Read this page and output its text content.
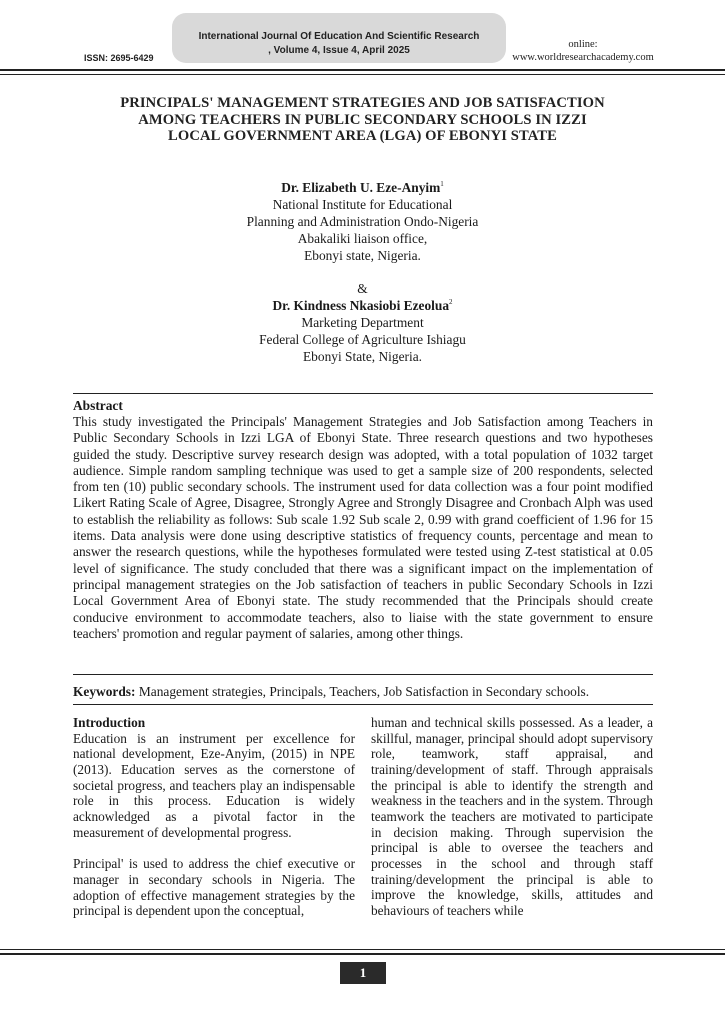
International Journal Of Education And Scientific Research
, Volume 4, Issue 4, April 2025
ISSN: 2695-6429
online:
www.worldresearchacademy.com
PRINCIPALS' MANAGEMENT STRATEGIES AND JOB SATISFACTION
AMONG TEACHERS IN PUBLIC SECONDARY SCHOOLS IN IZZI
LOCAL GOVERNMENT AREA (LGA) OF EBONYI STATE
Dr. Elizabeth U. Eze-Anyim$^1$
National Institute for Educational
Planning and Administration Ondo-Nigeria
Abakaliki liaison office,
Ebonyi state, Nigeria.
&
Dr. Kindness Nkasiobi Ezeolua$^2$
Marketing Department
Federal College of Agriculture Ishiagu
Ebonyi State, Nigeria.
Abstract
This study investigated the Principals' Management Strategies and Job Satisfaction among Teachers in Public Secondary Schools in Izzi LGA of Ebonyi State. Three research questions and two hypotheses guided the study. Descriptive survey research design was adopted, with a total population of 1032 target audience. Simple random sampling technique was used to get a sample size of 200 respondents, selected from ten (10) public secondary schools. The instrument used for data collection was a four point modified Likert Rating Scale of Agree, Disagree, Strongly Agree and Strongly Disagree and Cronbach Alph was used to establish the reliability as follows: Sub scale 1.92 Sub scale 2, 0.99 with grand coefficient of 1.96 for 15 items. Data analysis were done using descriptive statistics of frequency counts, percentage and mean to answer the research questions, while the hypotheses formulated were tested using Z-test statistical at 0.05 level of significance. The study concluded that there was a significant impact on the implementation of principal management strategies on the Job satisfaction of teachers in public Secondary Schools in Izzi Local Government Area of Ebonyi state. The study recommended that the Principals should create conducive environment to accommodate teachers, also to liaise with the state government to ensure teachers' promotion and regular payment of salaries, among other things.
Keywords: Management strategies, Principals, Teachers, Job Satisfaction in Secondary schools.

Introduction

Education is an instrument per excellence for national development, Eze-Anyim, (2015) in NPE (2013). Education serves as the cornerstone of societal progress, and teachers play an indispensable role in this process. Education is widely acknowledged as a pivotal factor in the measurement of developmental progress.

Principal' is used to address the chief executive or manager in secondary schools in Nigeria. The adoption of effective management strategies by the principal is dependent upon the conceptual,

human and technical skills possessed. As a leader, a skillful, manager, principal should adopt supervisory role, teamwork, staff appraisal, and training/development of staff. Through appraisals the principal is able to identify the strength and weakness in the teachers and in the system. Through teamwork the teachers are motivated to participate in decision making. Through supervision the principal is able to oversee the teachers and processes in the school and through staff training/development the principal is able to improve the knowledge, skills, attitudes and behaviours of teachers while

1
